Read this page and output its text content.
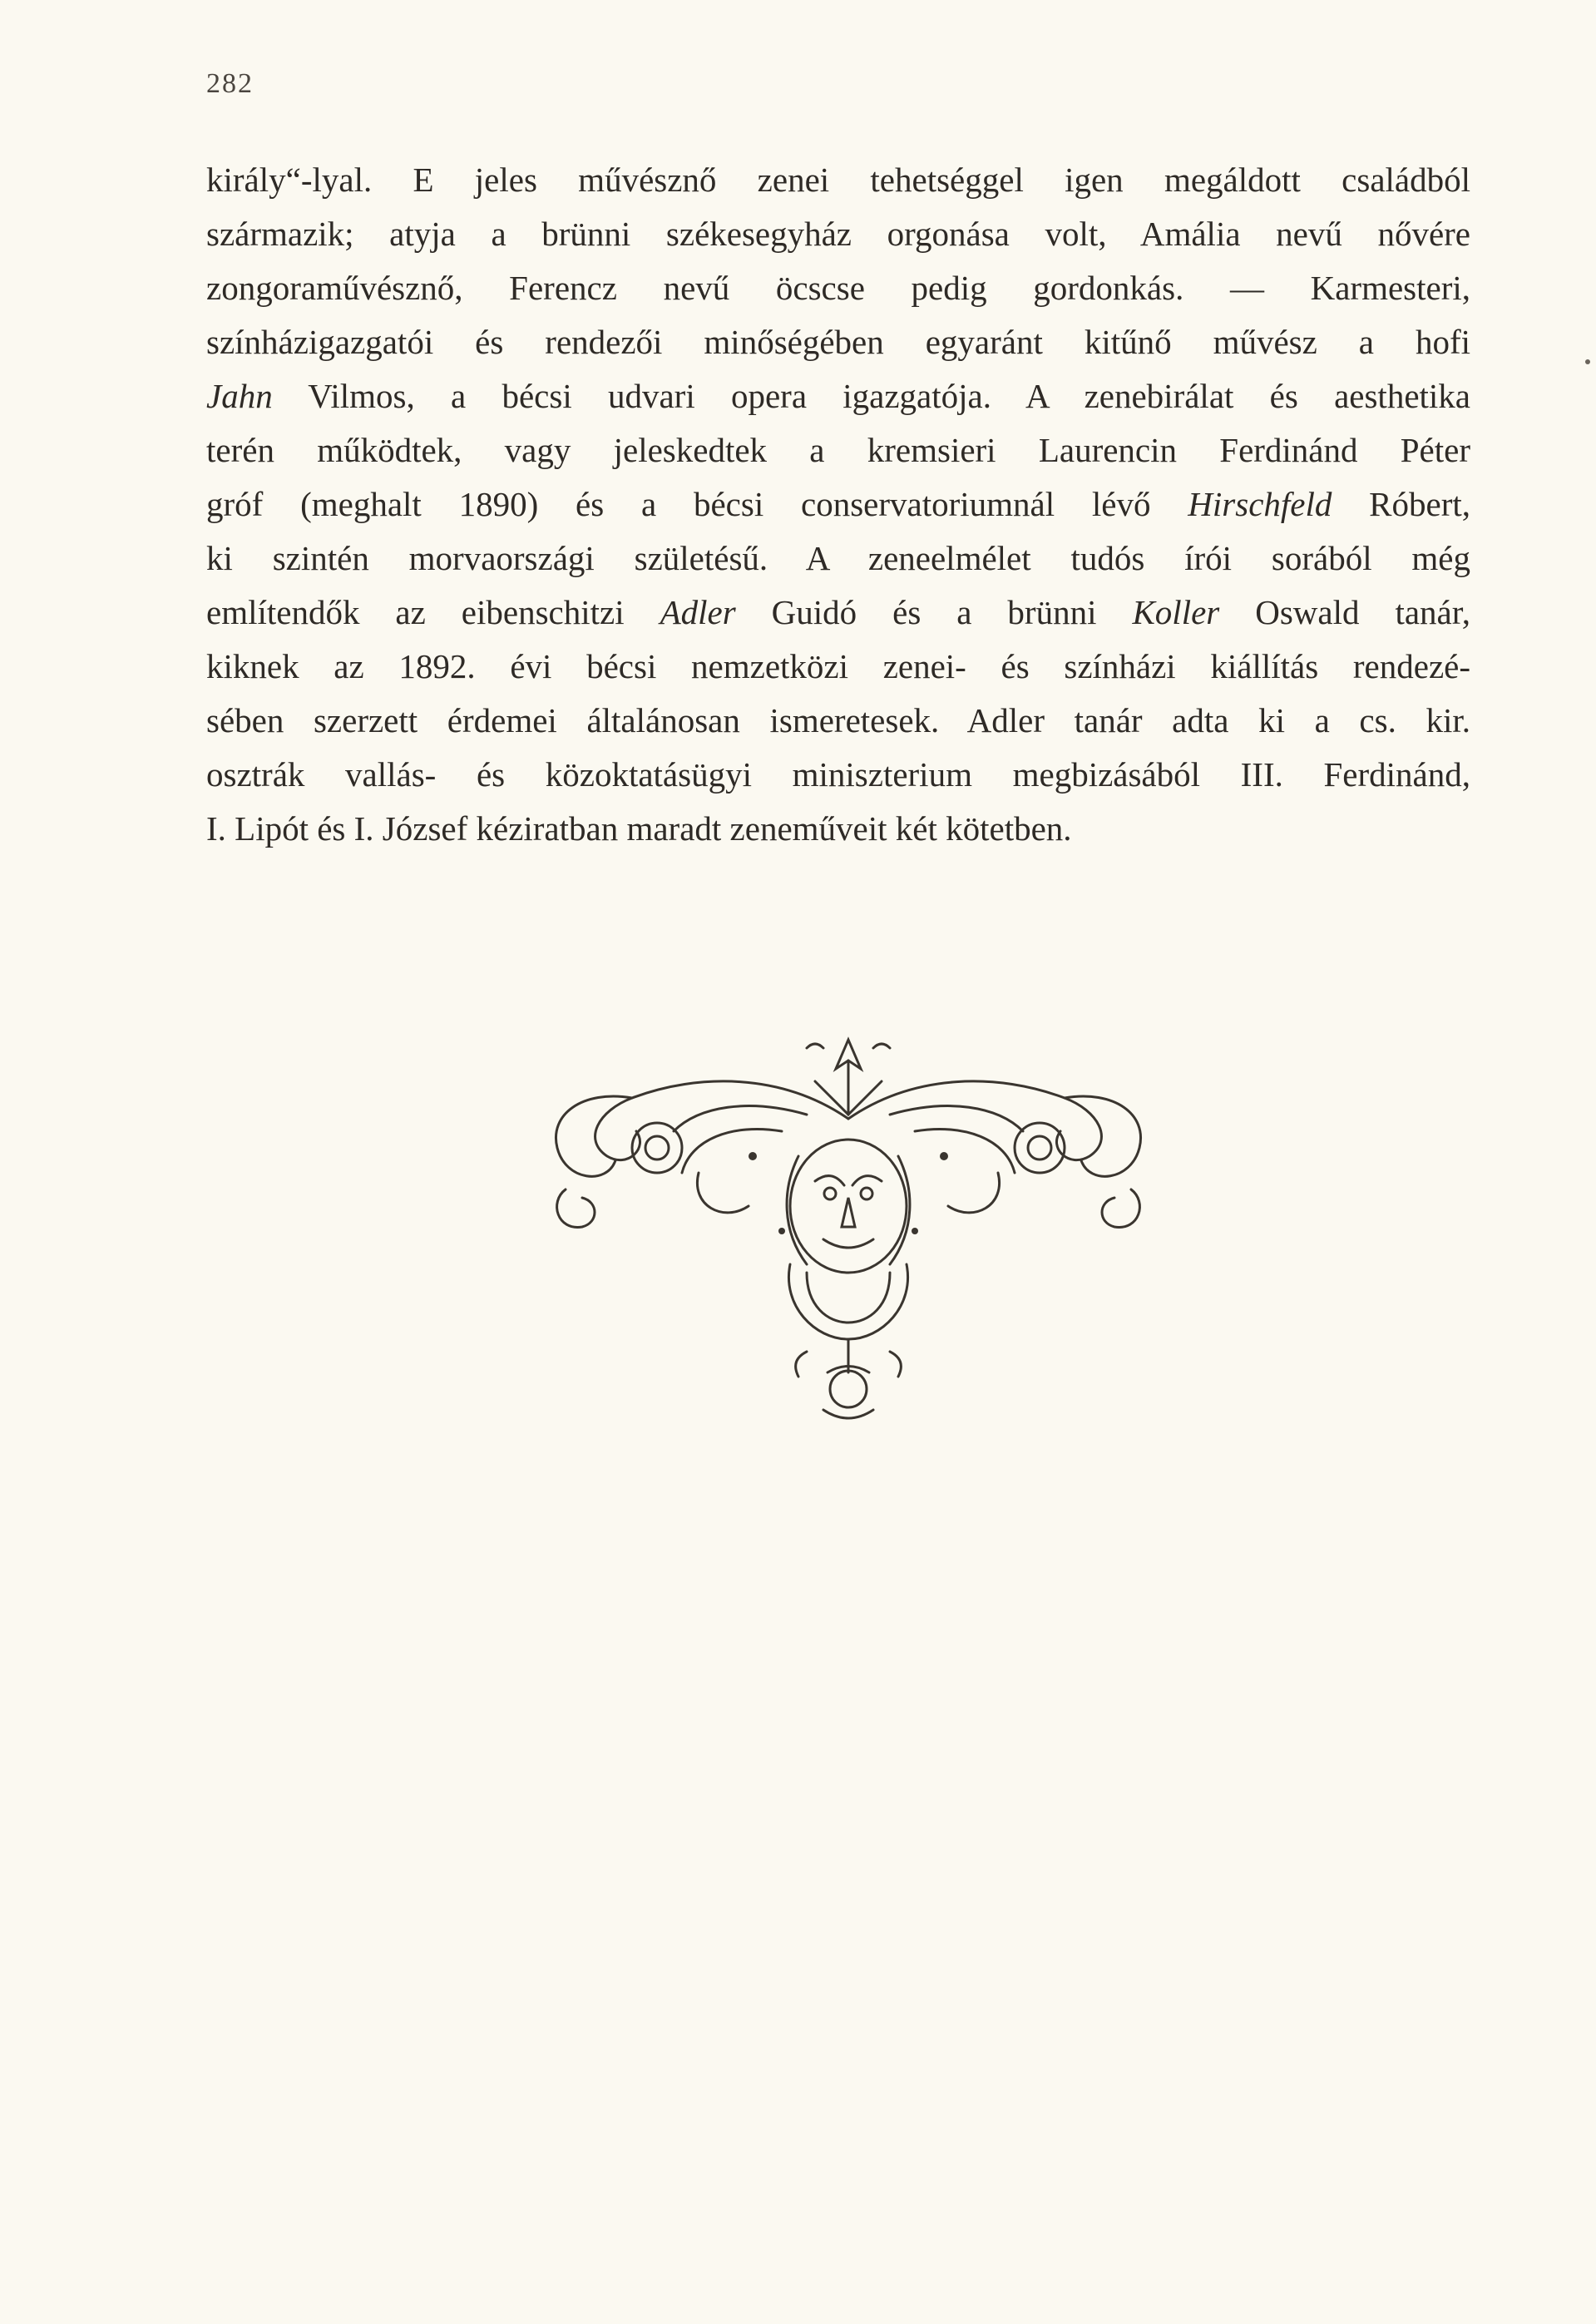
282
király“-lyal. E jeles művésznő zenei tehetséggel igen megáldott családból
származik; atyja a brünni székesegyház orgonása volt, Amália nevű nővére
zongoraművésznő, Ferencz nevű öcscse pedig gordonkás. — Karmesteri,
színházigazgatói és rendezői minőségében egyaránt kitűnő művész a hofi
Jahn Vilmos, a bécsi udvari opera igazgatója. A zenebirálat és aesthetika
terén működtek, vagy jeleskedtek a kremsieri Laurencin Ferdinánd Péter
gróf (meghalt 1890) és a bécsi conservatoriumnál lévő Hirschfeld Róbert,
ki szintén morvaországi születésű. A zeneelmélet tudós írói sorából még
említendők az eibenschitzi Adler Guidó és a brünni Koller Oswald tanár,
kiknek az 1892. évi bécsi nemzetközi zenei- és színházi kiállítás rendezé-
sében szerzett érdemei általánosan ismeretesek. Adler tanár adta ki a cs. kir.
osztrák vallás- és közoktatásügyi miniszterium megbizásából III. Ferdinánd,
I. Lipót és I. József kéziratban maradt zeneműveit két kötetben.
